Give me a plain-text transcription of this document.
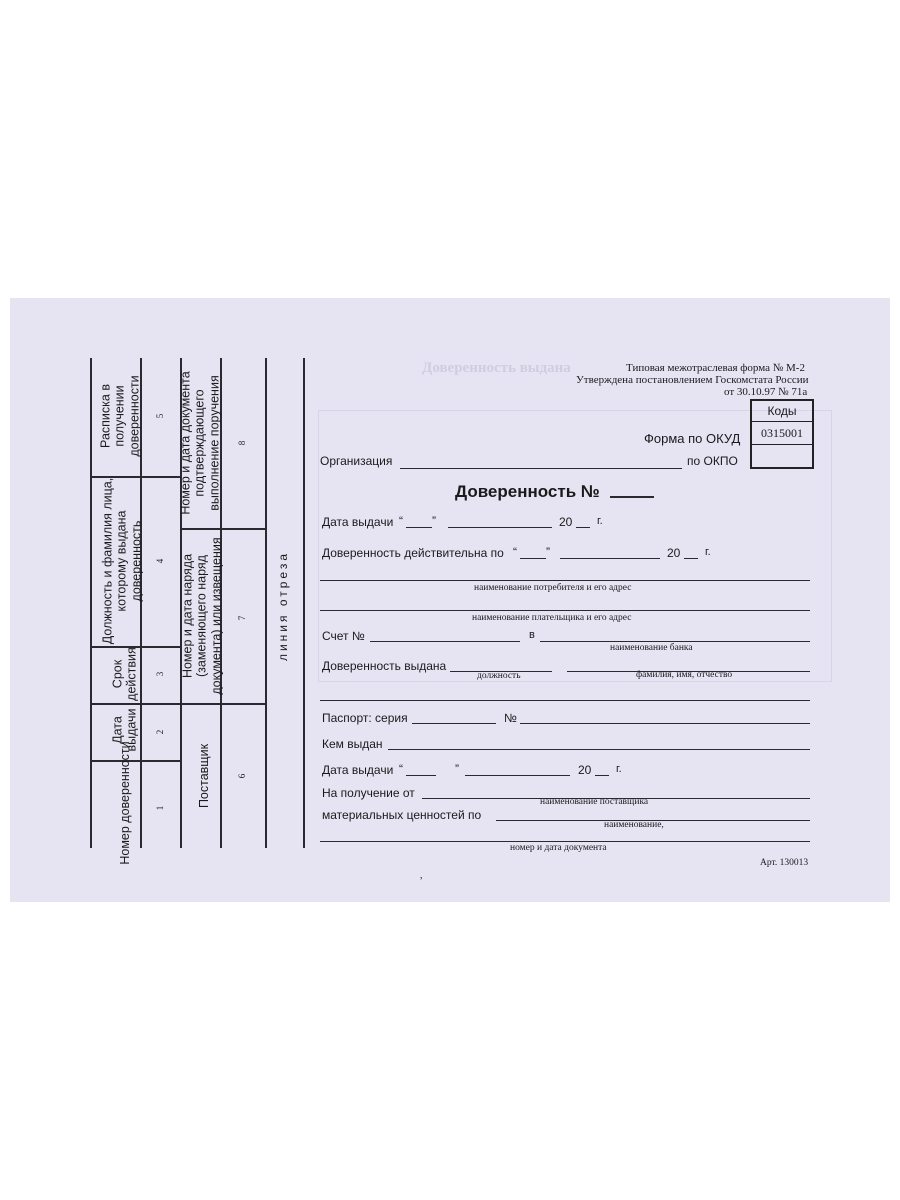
Доверенность выдана
Номер доверенности	1
Дата выдачи 2
Срок действия 3
Должность и фамилия лица, которому выдана доверенность 4
Расписка в получении доверенности 5
Поставщик	6
Номер и дата наряда (заменяющего наряд документа) или извещения 7
Номер и дата документа подтверждающего выполнение поручения 8
линия отреза
Типовая межотраслевая форма № М-2
Утверждена постановлением Госкомстата России
от 30.10.97 № 71а
Коды
0315001
Форма по ОКУД
по ОКПО
Организация
Доверенность №
Дата выдачи “ ”	20 г.
Доверенность действительна по “ ”	20 г.
наименование потребителя и его адрес
наименование плательщика и его адрес
Счет №	в
наименование банка
Доверенность выдана
должность	фамилия, имя, отчество
Паспорт: серия	№
Кем выдан
Дата выдачи “	”	20 г.
На получение от
наименование поставщика
материальных ценностей по
наименование,
номер и дата документа
,
Арт. 130013
